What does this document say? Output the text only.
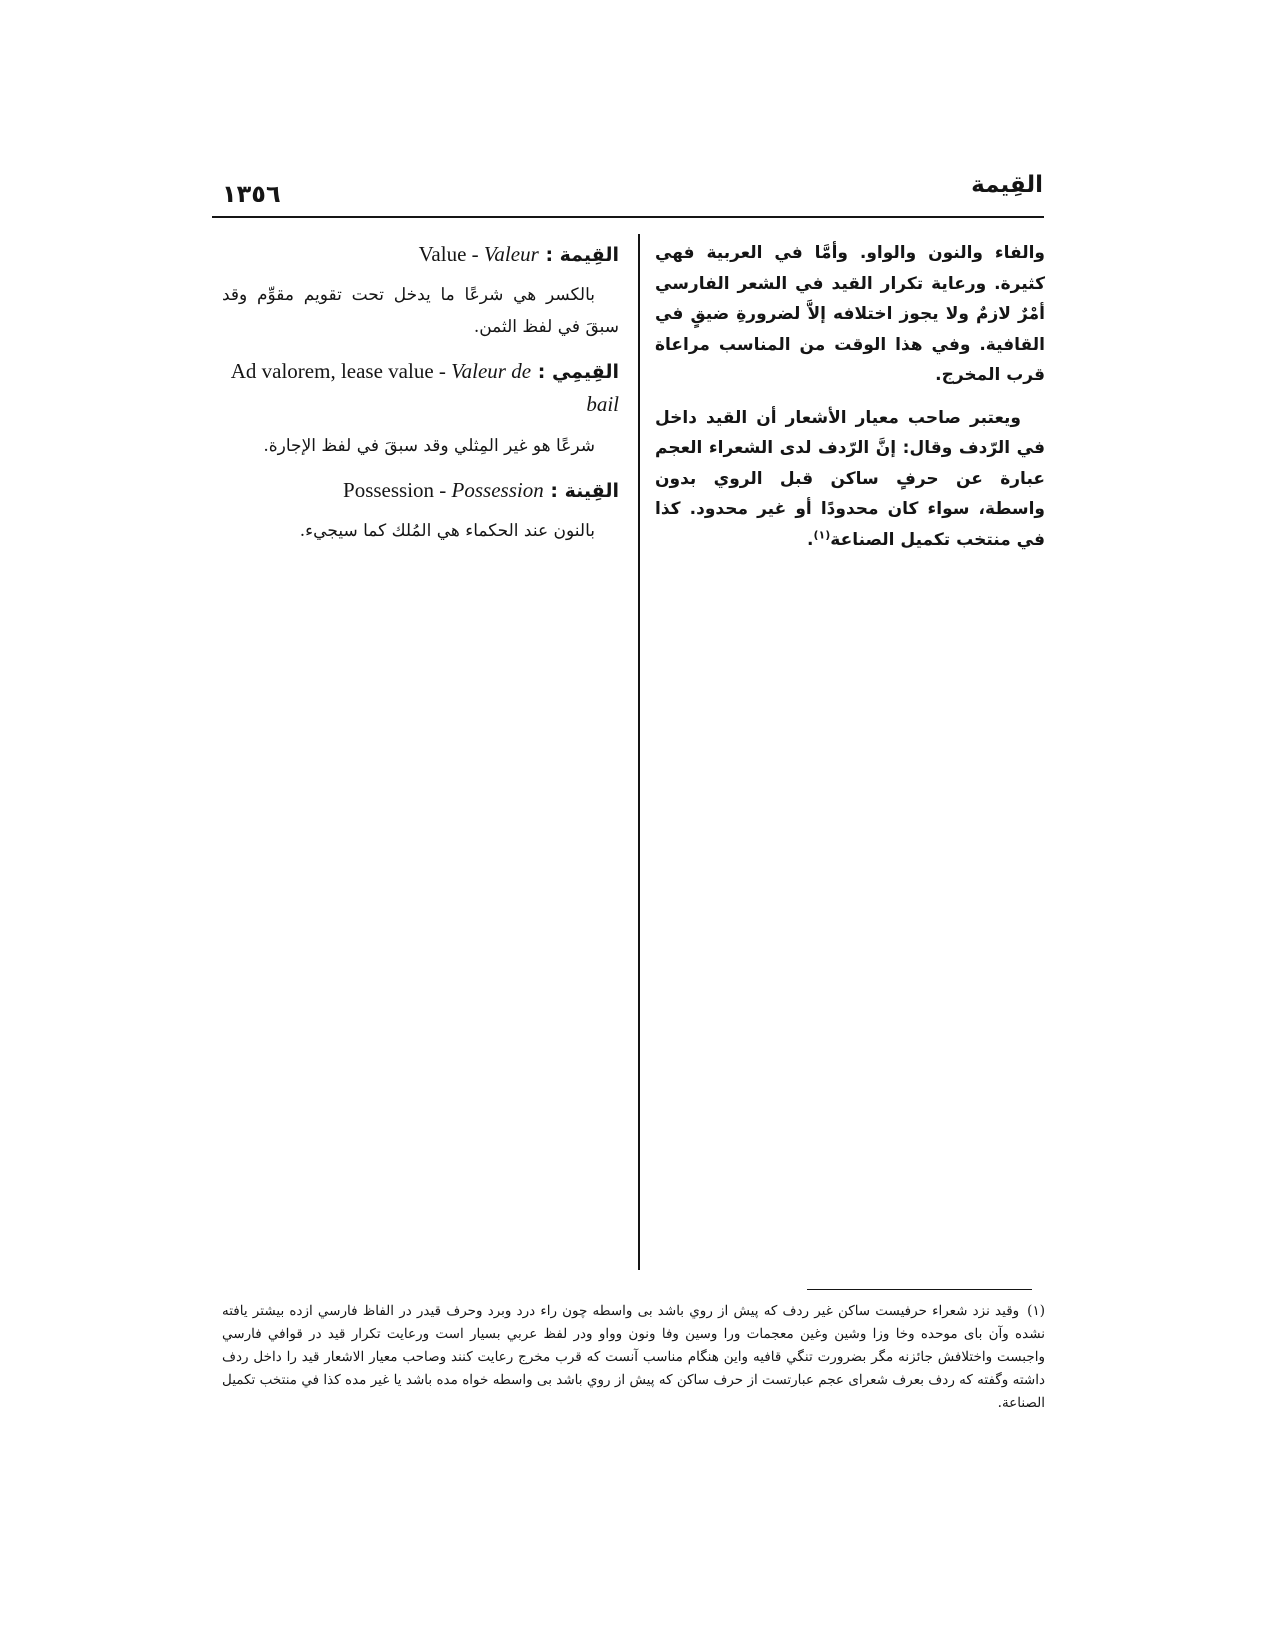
القِيمة
١٣٥٦

والفاء والنون والواو. وأمَّا في العربية فهي كثيرة. ورعاية تكرار القيد في الشعر الفارسي أمْرٌ لازمٌ ولا يجوز اختلافه إلاَّ لضرورةِ ضيقٍ في القافية. وفي هذا الوقت من المناسب مراعاة قرب المخرج.

ويعتبر صاحب معيار الأشعار أن القيد داخل في الرّدف وقال: إنَّ الرّدف لدى الشعراء العجم عبارة عن حرفٍ ساكن قبل الروي بدون واسطة، سواء كان محدودًا أو غير محدود. كذا في منتخب تكميل الصناعة$^{(١)}$.

القِيمة : Value - Valeur

بالكسر هي شرعًا ما يدخل تحت تقويم مقوِّم وقد سبقَ في لفظ الثمن.

القِيمِي : Ad valorem, lease value - Valeur de bail

شرعًا هو غير المِثلي وقد سبقَ في لفظ الإجارة.

القِينة : Possession - Possession

بالنون عند الحكماء هي المُلك كما سيجيء.

(١)وقيد نزد شعراء حرفيست ساكن غير ردف كه پيش از روي باشد بى واسطه چون راء درد وبرد وحرف قيدر در الفاظ فارسي ازده بيشتر يافته نشده وآن باى موحده وخا وزا وشين وغين معجمات ورا وسين وفا ونون وواو ودر لفظ عربي بسيار است ورعايت تكرار قيد در قوافي فارسي واجبست واختلافش جائزنه مگر بضرورت تنگي قافيه واين هنگام مناسب آنست كه قرب مخرج رعايت كنند وصاحب معيار الاشعار قيد را داخل ردف داشته وگفته كه ردف بعرف شعراى عجم عبارتست از حرف ساكن كه پيش از روي باشد بى واسطه خواه مده باشد يا غير مده كذا في منتخب تكميل الصناعة.
